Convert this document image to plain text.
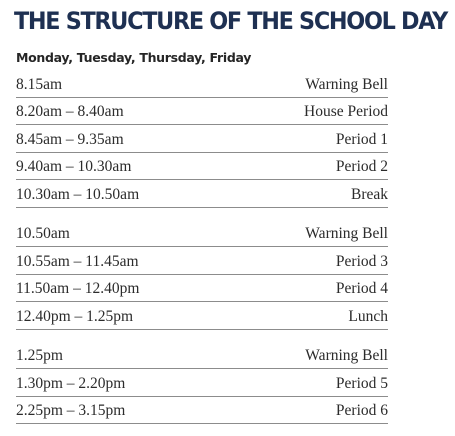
THE STRUCTURE OF THE SCHOOL DAY
Monday, Tuesday, Thursday, Friday
8.15am	Warning Bell
8.20am – 8.40am	House Period
8.45am – 9.35am	Period 1
9.40am – 10.30am	Period 2
10.30am – 10.50am	Break
10.50am	Warning Bell
10.55am – 11.45am	Period 3
11.50am – 12.40pm	Period 4
12.40pm – 1.25pm	Lunch
1.25pm	Warning Bell
1.30pm – 2.20pm	Period 5
2.25pm – 3.15pm	Period 6
